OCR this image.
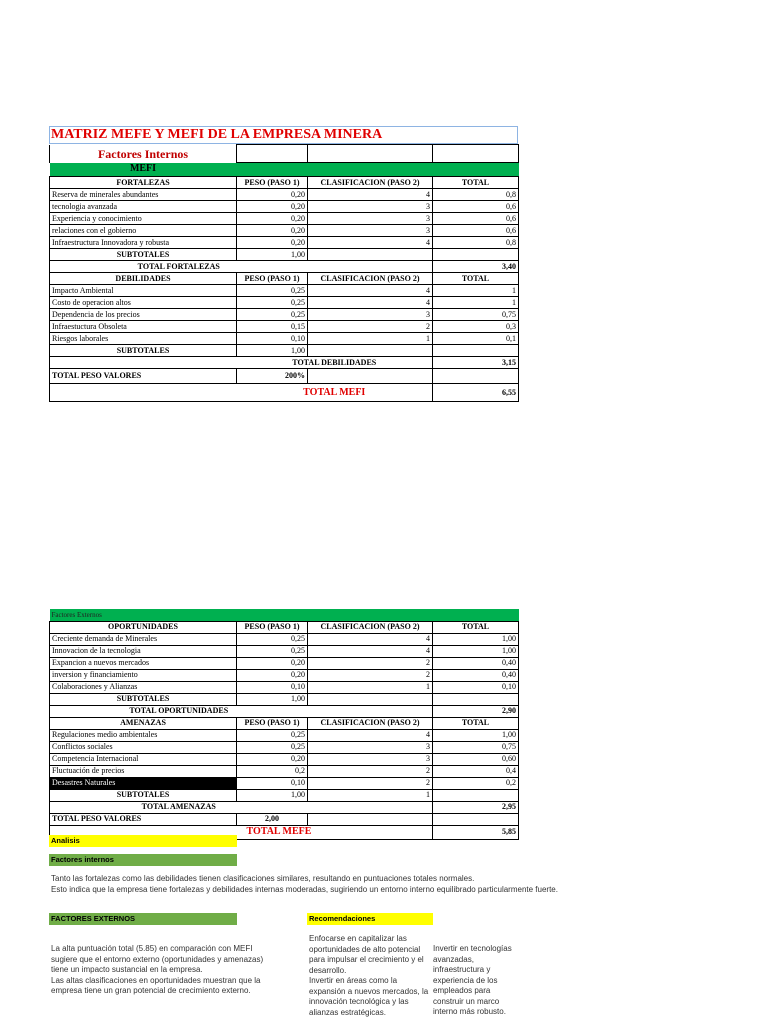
MATRIZ MEFE Y MEFI DE LA EMPRESA MINERA
Factores Internos			
MEFI			
FORTALEZAS	PESO (PASO 1)	CLASIFICACION (PASO 2)	TOTAL
Reserva de minerales abundantes	0,20	4	0,8
tecnologia avanzada	0,20	3	0,6
Experiencia y conocimiento	0,20	3	0,6
relaciones con el gobierno	0,20	3	0,6
Infraestructura Innovadora y robusta	0,20	4	0,8
SUBTOTALES	1,00		
TOTAL FORTALEZAS			3,40
DEBILIDADES	PESO (PASO 1)	CLASIFICACION (PASO 2)	TOTAL
Impacto Ambiental	0,25	4	1
Costo de operacion altos	0,25	4	1
Dependencia de los precios	0,25	3	0,75
Infraestuctura Obsoleta	0,15	2	0,3
Riesgos laborales	0,10	1	0,1
SUBTOTALES	1,00		
	TOTAL DEBILIDADES		3,15
TOTAL PESO VALORES	200%		
	TOTAL MEFI		6,55
Factores Externos			
OPORTUNIDADES	PESO (PASO 1)	CLASIFICACION (PASO 2)	TOTAL
Creciente demanda de Minerales	0,25	4	1,00
Innovacion de la tecnologia	0,25	4	1,00
Expancion a nuevos mercados	0,20	2	0,40
inversion y financiamiento	0,20	2	0,40
Colaboraciones y Alianzas	0,10	1	0,10
SUBTOTALES	1,00		
TOTAL OPORTUNIDADES			2,90
AMENAZAS	PESO (PASO 1)	CLASIFICACION (PASO 2)	TOTAL
Regulaciones medio ambientales	0,25	4	1,00
Conflictos sociales	0,25	3	0,75
Competencia Internacional	0,20	3	0,60
Fluctuación de precios	0,2	2	0,4
Desastres Naturales	0,10	2	0,2
SUBTOTALES	1,00	1	
TOTAL AMENAZAS			2,95
TOTAL PESO VALORES	2,00		
	TOTAL MEFE		5,85
Analisis
Factores internos
Tanto las fortalezas como las debilidades tienen clasificaciones similares, resultando en puntuaciones totales normales.
Esto indica que la empresa tiene fortalezas y debilidades internas moderadas, sugiriendo un entorno interno equilibrado particularmente fuerte.
FACTORES EXTERNOS	Recomendaciones
La alta puntuación total (5.85) en comparación con MEFI sugiere que el entorno externo (oportunidades y amenazas) tiene un impacto sustancial en la empresa.
Las altas clasificaciones en oportunidades muestran que la empresa tiene un gran potencial de crecimiento externo.
Enfocarse en capitalizar las oportunidades de alto potencial para impulsar el crecimiento y el desarrollo.
Invertir en áreas como la expansión a nuevos mercados, la innovación tecnológica y las alianzas estratégicas.
Invertir en tecnologías avanzadas, infraestructura y experiencia de los empleados para construir un marco interno más robusto.
